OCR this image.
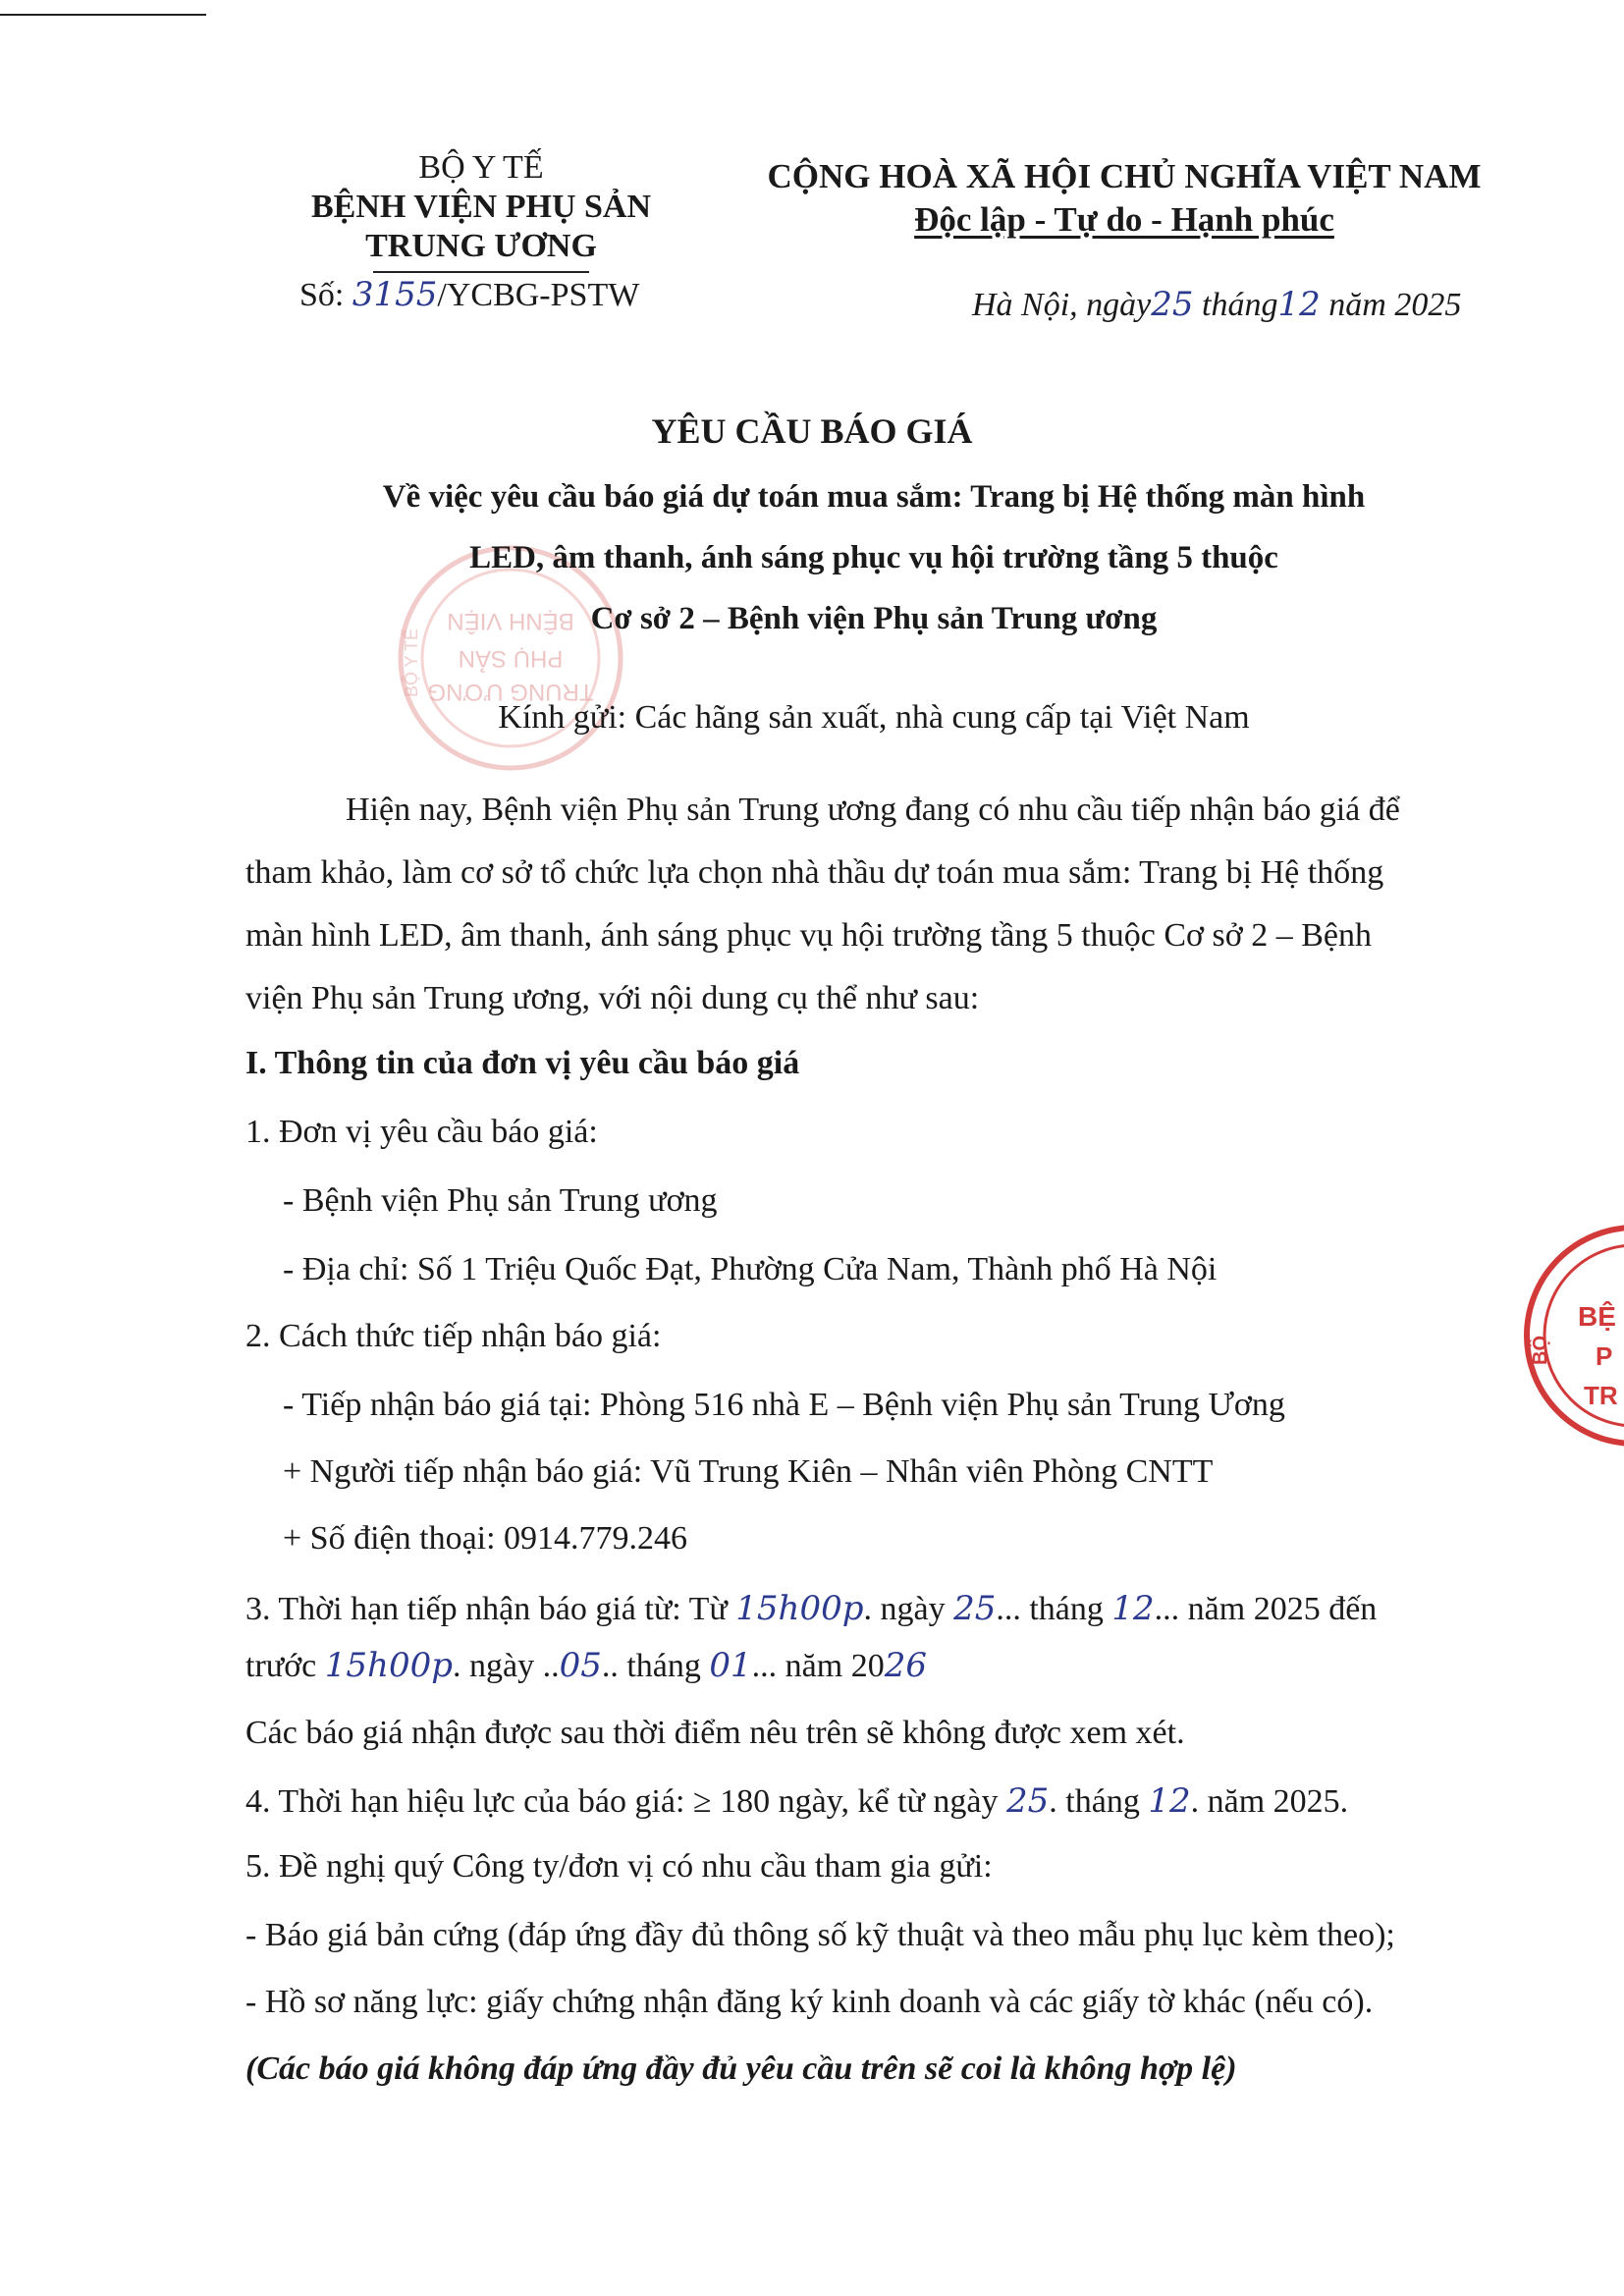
BỆNH VIỆN
PHỤ SẢN
TRUNG ƯƠNG
BỘ Y TẾ
BỆ
P
TR
BỘ
BỘ Y TẾ
BỆNH VIỆN PHỤ SẢN
TRUNG ƯƠNG
Số: 3155/YCBG-PSTW
CỘNG HOÀ XÃ HỘI CHỦ NGHĨA VIỆT NAM
Độc lập - Tự do - Hạnh phúc
Hà Nội, ngày25 tháng12 năm 2025
YÊU CẦU BÁO GIÁ
Về việc yêu cầu báo giá dự toán mua sắm: Trang bị Hệ thống màn hình
LED, âm thanh, ánh sáng phục vụ hội trường tầng 5 thuộc
Cơ sở 2 – Bệnh viện Phụ sản Trung ương
Kính gửi: Các hãng sản xuất, nhà cung cấp tại Việt Nam
Hiện nay, Bệnh viện Phụ sản Trung ương đang có nhu cầu tiếp nhận báo giá để
tham khảo, làm cơ sở tổ chức lựa chọn nhà thầu dự toán mua sắm: Trang bị Hệ thống
màn hình LED, âm thanh, ánh sáng phục vụ hội trường tầng 5 thuộc Cơ sở 2 – Bệnh
viện Phụ sản Trung ương, với nội dung cụ thể như sau:
I. Thông tin của đơn vị yêu cầu báo giá
1. Đơn vị yêu cầu báo giá:
- Bệnh viện Phụ sản Trung ương
- Địa chỉ: Số 1 Triệu Quốc Đạt, Phường Cửa Nam, Thành phố Hà Nội
2. Cách thức tiếp nhận báo giá:
- Tiếp nhận báo giá tại: Phòng 516 nhà E – Bệnh viện Phụ sản Trung Ương
+ Người tiếp nhận báo giá: Vũ Trung Kiên – Nhân viên Phòng CNTT
+ Số điện thoại: 0914.779.246
3. Thời hạn tiếp nhận báo giá từ: Từ 15h00p. ngày 25... tháng 12... năm 2025 đến
trước 15h00p. ngày ..05.. tháng 01... năm 2026
Các báo giá nhận được sau thời điểm nêu trên sẽ không được xem xét.
4. Thời hạn hiệu lực của báo giá: ≥ 180 ngày, kể từ ngày 25. tháng 12. năm 2025.
5. Đề nghị quý Công ty/đơn vị có nhu cầu tham gia gửi:
- Báo giá bản cứng (đáp ứng đầy đủ thông số kỹ thuật và theo mẫu phụ lục kèm theo);
- Hồ sơ năng lực: giấy chứng nhận đăng ký kinh doanh và các giấy tờ khác (nếu có).
(Các báo giá không đáp ứng đầy đủ yêu cầu trên sẽ coi là không hợp lệ)
